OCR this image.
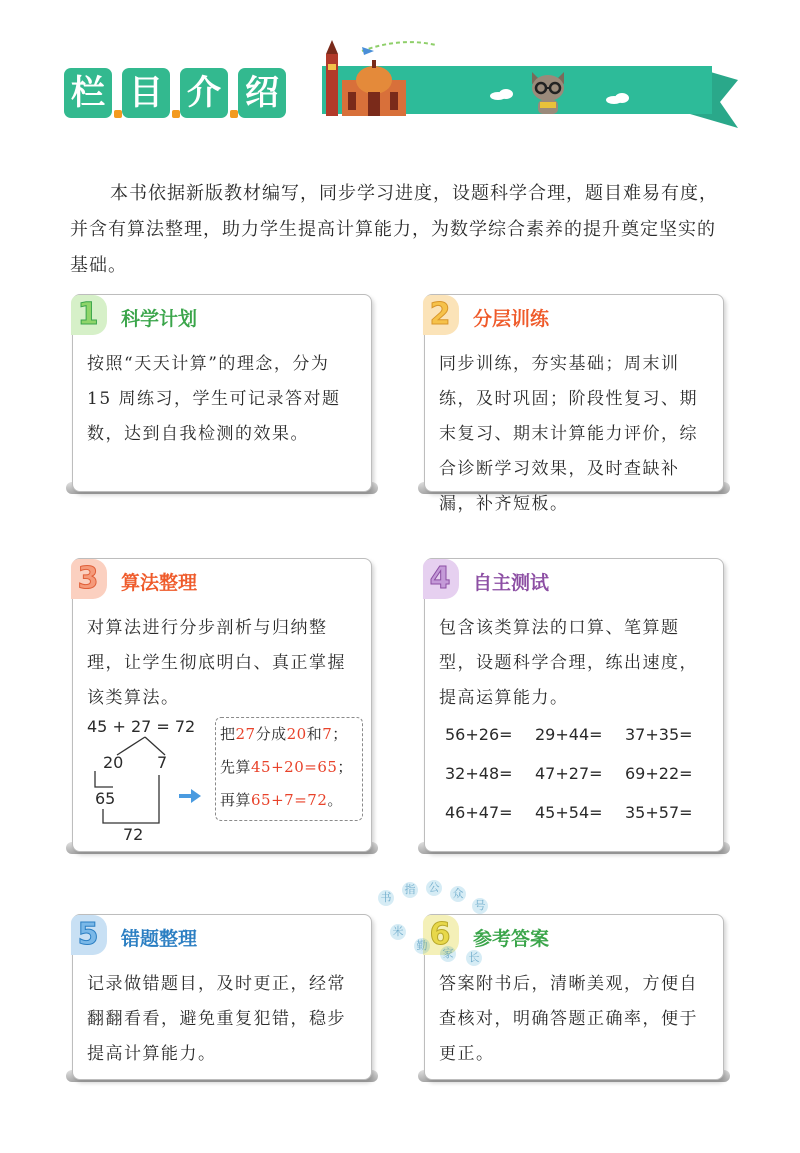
栏 目 介 绍

本书依据新版教材编写，同步学习进度，设题科学合理，题目难易有度，并含有算法整理，助力学生提高计算能力，为数学综合素养的提升奠定坚实的基础。

1 科学计划
按照“天天计算”的理念，分为 15 周练习，学生可记录答对题数，达到自我检测的效果。
2 分层训练
同步训练，夯实基础；周末训练，及时巩固；阶段性复习、期末复习、期末计算能力评价，综合诊断学习效果，及时查缺补漏，补齐短板。
3 算法整理
对算法进行分步剖析与归纳整理，让学生彻底明白、真正掌握该类算法。
45 + 27 = 72
20 7
65
72
把27分成20和7；
先算45+20=65；
再算65+7=72。
4 自主测试
包含该类算法的口算、笔算题型，设题科学合理，练出速度，提高运算能力。
56+26=	29+44=	37+35=
32+48=	47+27=	69+22=
46+47=	45+54=	35+57=
5 错题整理
记录做错题目，及时更正，经常翻翻看看，避免重复犯错，稳步提高计算能力。
6 参考答案
答案附书后，清晰美观，方便自查核对，明确答题正确率，便于更正。
书
指 公 众
号
米
勤
家 长
